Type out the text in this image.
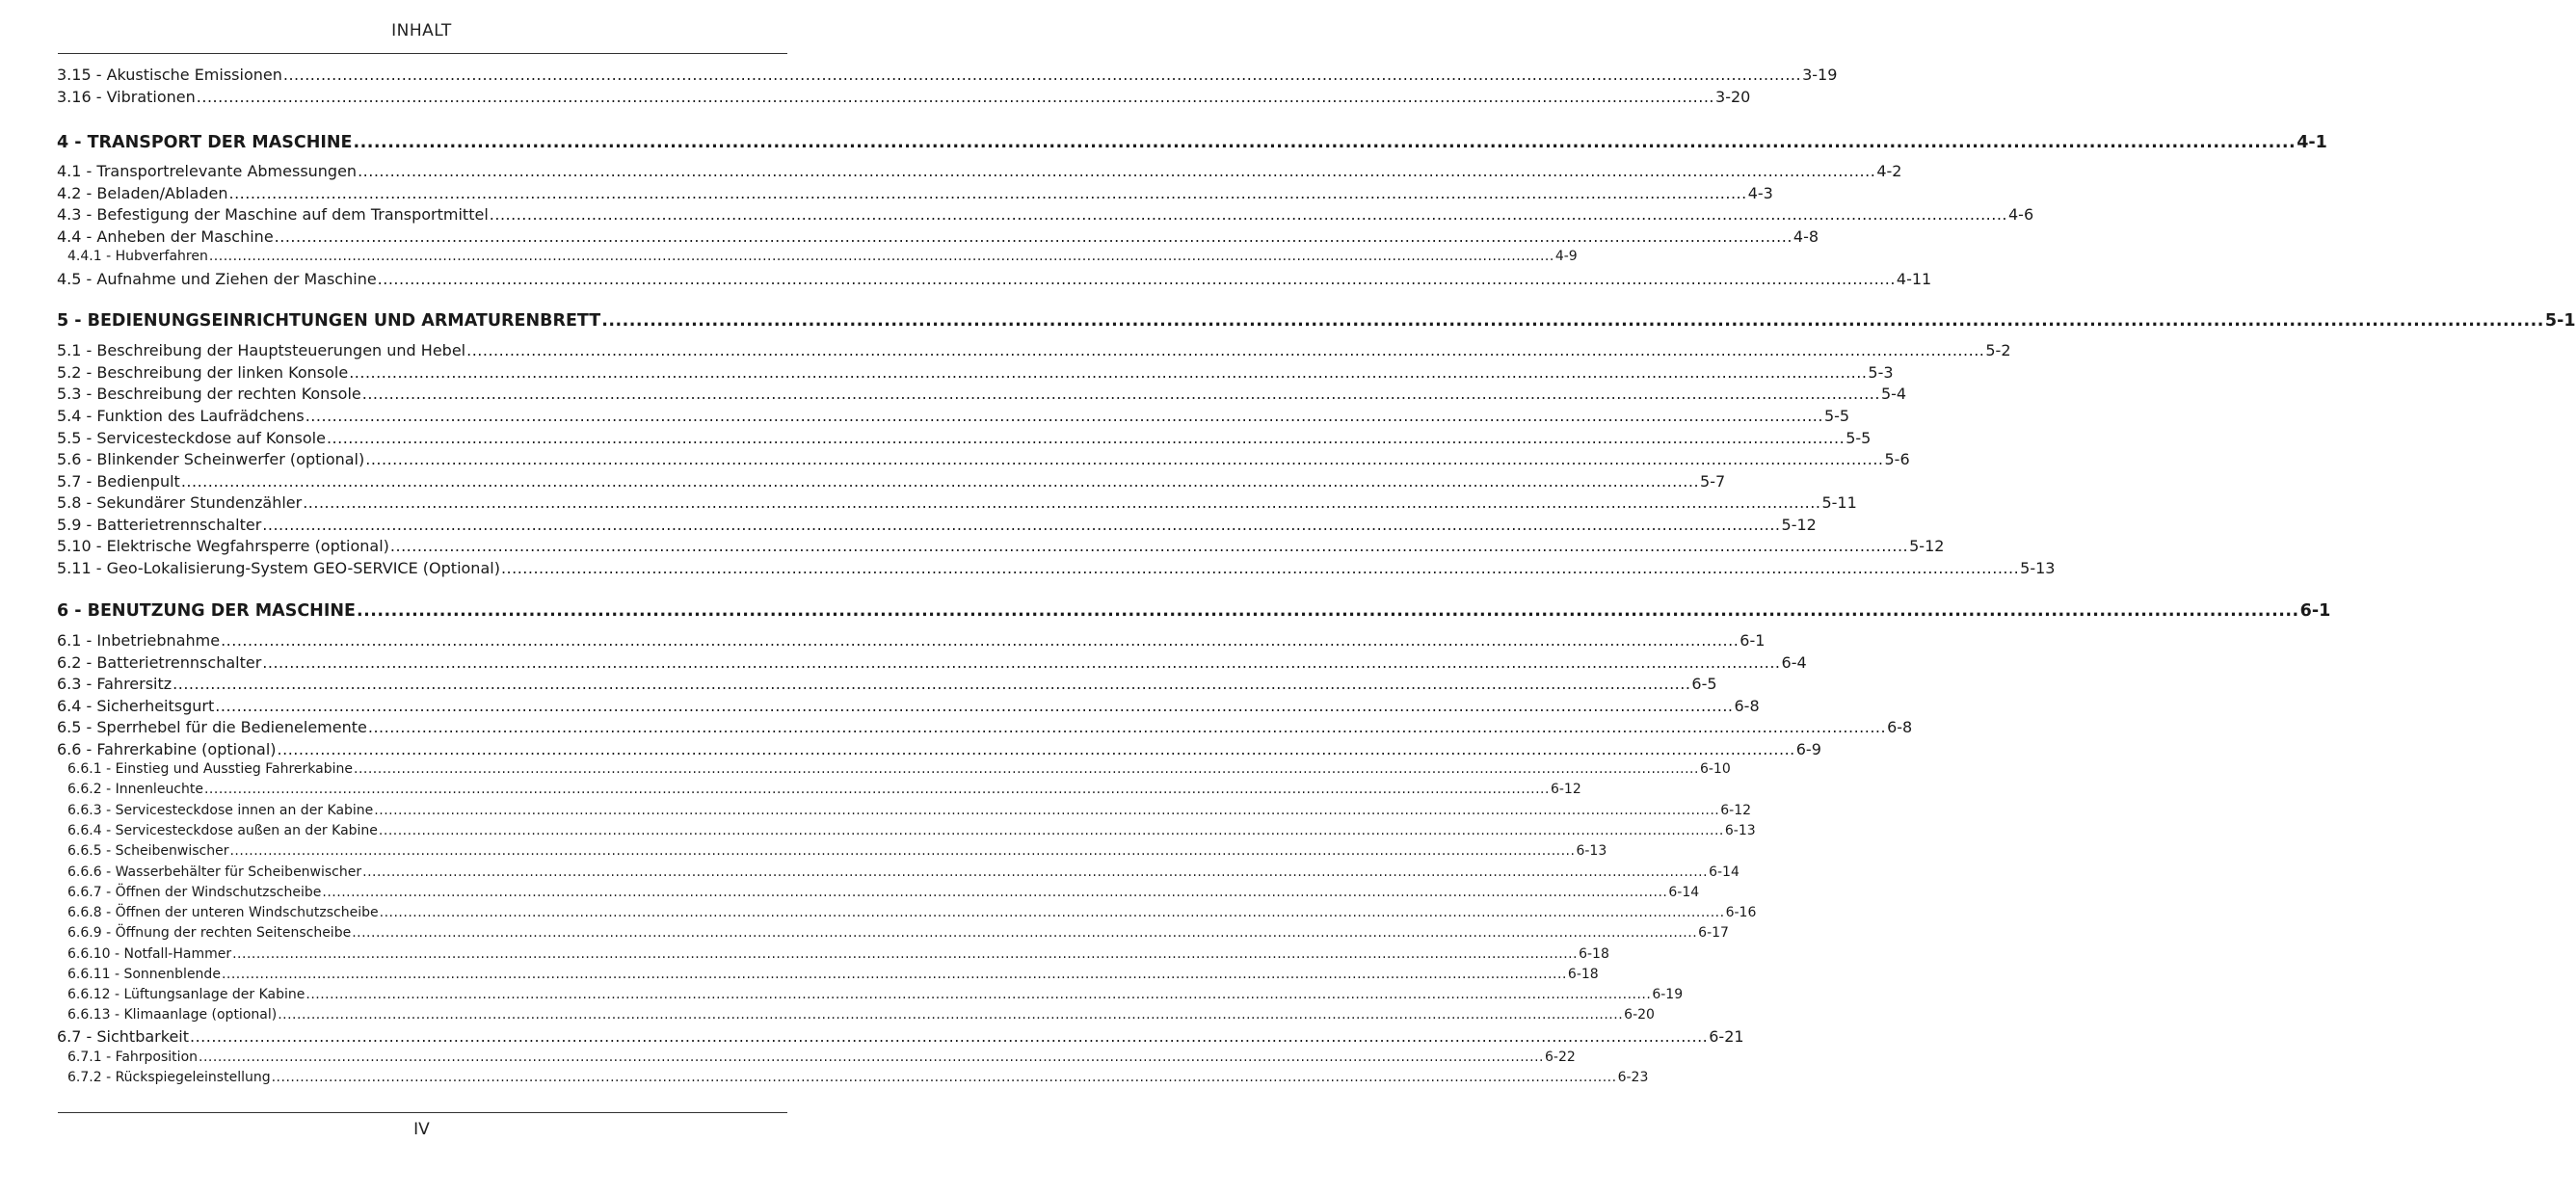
INHALT
3.15 - Akustische Emissionen .......................................................................................................................................................................................................................................................................................... 3-19
3.16 - Vibrationen .......................................................................................................................................................................................................................................................................................... 3-20
4 - TRANSPORT DER MASCHINE .......................................................................................................................................................................................................................................................................................... 4-1
4.1 - Transportrelevante Abmessungen .......................................................................................................................................................................................................................................................................................... 4-2
4.2 - Beladen/Abladen .......................................................................................................................................................................................................................................................................................... 4-3
4.3 - Befestigung der Maschine auf dem Transportmittel .......................................................................................................................................................................................................................................................................................... 4-6
4.4 - Anheben der Maschine .......................................................................................................................................................................................................................................................................................... 4-8
4.4.1 - Hubverfahren .......................................................................................................................................................................................................................................................................................... 4-9
4.5 - Aufnahme und Ziehen der Maschine .......................................................................................................................................................................................................................................................................................... 4-11
5 - BEDIENUNGSEINRICHTUNGEN UND ARMATURENBRETT .......................................................................................................................................................................................................................................................................................... 5-1
5.1 - Beschreibung der Hauptsteuerungen und Hebel .......................................................................................................................................................................................................................................................................................... 5-2
5.2 - Beschreibung der linken Konsole .......................................................................................................................................................................................................................................................................................... 5-3
5.3 - Beschreibung der rechten Konsole .......................................................................................................................................................................................................................................................................................... 5-4
5.4 - Funktion des Laufrädchens .......................................................................................................................................................................................................................................................................................... 5-5
5.5 - Servicesteckdose auf Konsole .......................................................................................................................................................................................................................................................................................... 5-5
5.6 - Blinkender Scheinwerfer (optional) .......................................................................................................................................................................................................................................................................................... 5-6
5.7 - Bedienpult .......................................................................................................................................................................................................................................................................................... 5-7
5.8 - Sekundärer Stundenzähler .......................................................................................................................................................................................................................................................................................... 5-11
5.9 - Batterietrennschalter .......................................................................................................................................................................................................................................................................................... 5-12
5.10 - Elektrische Wegfahrsperre (optional) .......................................................................................................................................................................................................................................................................................... 5-12
5.11 - Geo-Lokalisierung-System GEO-SERVICE (Optional) .......................................................................................................................................................................................................................................................................................... 5-13
6 - BENUTZUNG DER MASCHINE .......................................................................................................................................................................................................................................................................................... 6-1
6.1 - Inbetriebnahme .......................................................................................................................................................................................................................................................................................... 6-1
6.2 - Batterietrennschalter .......................................................................................................................................................................................................................................................................................... 6-4
6.3 - Fahrersitz .......................................................................................................................................................................................................................................................................................... 6-5
6.4 - Sicherheitsgurt .......................................................................................................................................................................................................................................................................................... 6-8
6.5 - Sperrhebel für die Bedienelemente .......................................................................................................................................................................................................................................................................................... 6-8
6.6 - Fahrerkabine (optional) .......................................................................................................................................................................................................................................................................................... 6-9
6.6.1 - Einstieg und Ausstieg Fahrerkabine .......................................................................................................................................................................................................................................................................................... 6-10
6.6.2 - Innenleuchte .......................................................................................................................................................................................................................................................................................... 6-12
6.6.3 - Servicesteckdose innen an der Kabine .......................................................................................................................................................................................................................................................................................... 6-12
6.6.4 - Servicesteckdose außen an der Kabine .......................................................................................................................................................................................................................................................................................... 6-13
6.6.5 - Scheibenwischer .......................................................................................................................................................................................................................................................................................... 6-13
6.6.6 - Wasserbehälter für Scheibenwischer .......................................................................................................................................................................................................................................................................................... 6-14
6.6.7 - Öffnen der Windschutzscheibe .......................................................................................................................................................................................................................................................................................... 6-14
6.6.8 - Öffnen der unteren Windschutzscheibe .......................................................................................................................................................................................................................................................................................... 6-16
6.6.9 - Öffnung der rechten Seitenscheibe .......................................................................................................................................................................................................................................................................................... 6-17
6.6.10 - Notfall-Hammer .......................................................................................................................................................................................................................................................................................... 6-18
6.6.11 - Sonnenblende .......................................................................................................................................................................................................................................................................................... 6-18
6.6.12 - Lüftungsanlage der Kabine .......................................................................................................................................................................................................................................................................................... 6-19
6.6.13 - Klimaanlage (optional) .......................................................................................................................................................................................................................................................................................... 6-20
6.7 - Sichtbarkeit .......................................................................................................................................................................................................................................................................................... 6-21
6.7.1 - Fahrposition .......................................................................................................................................................................................................................................................................................... 6-22
6.7.2 - Rückspiegeleinstellung .......................................................................................................................................................................................................................................................................................... 6-23
IV
